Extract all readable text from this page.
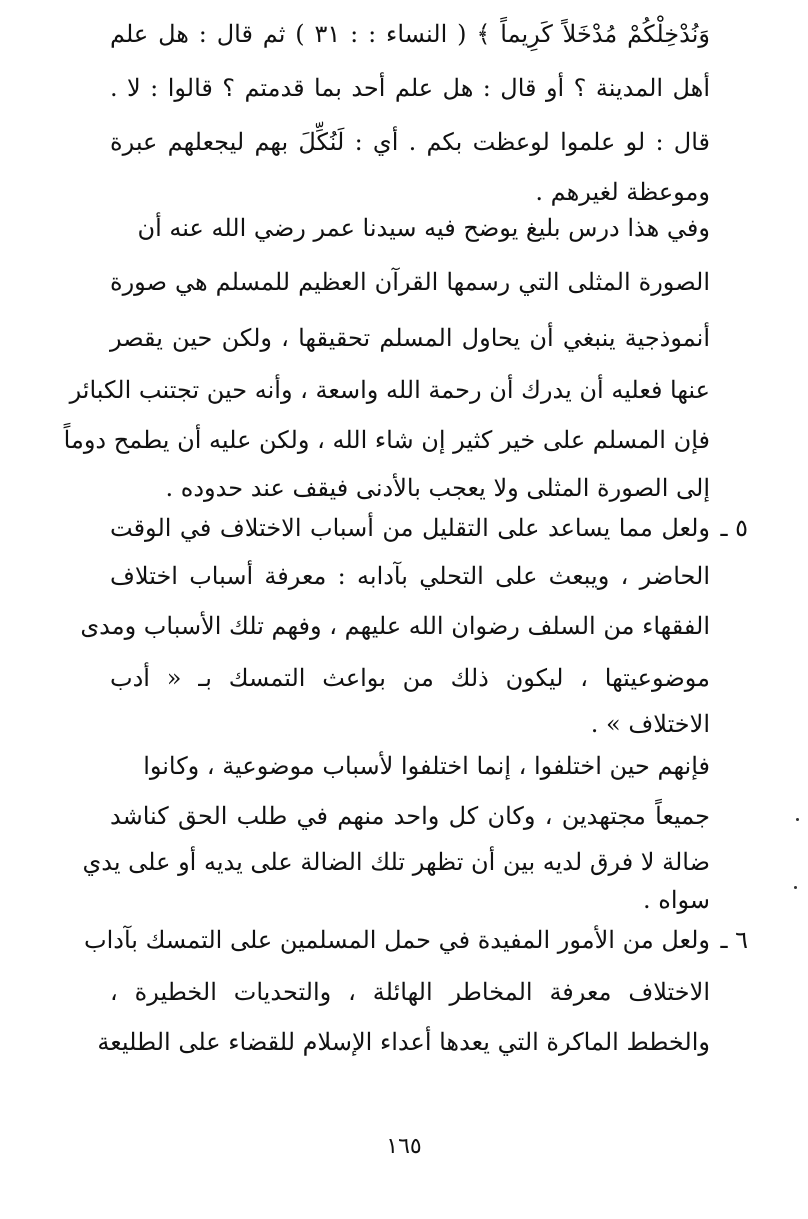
وَنُدْخِلْكُمْ مُدْخَلاً كَرِيماً ﴾ ( النساء : : ٣١ ) ثم قال : هل علم
أهل المدينة ؟ أو قال : هل علم أحد بما قدمتم ؟ قالوا : لا .
قال : لو علموا لوعظت بكم . أي : لَنُكِّلَ بهم ليجعلهم عبرة
وموعظة لغيرهم .
وفي هذا درس بليغ يوضح فيه سيدنا عمر رضي الله عنه أن
الصورة المثلى التي رسمها القرآن العظيم للمسلم هي صورة
أنموذجية ينبغي أن يحاول المسلم تحقيقها ، ولكن حين يقصر
عنها فعليه أن يدرك أن رحمة الله واسعة ، وأنه حين تجتنب الكبائر
فإن المسلم على خير كثير إن شاء الله ، ولكن عليه أن يطمح دوماً
إلى الصورة المثلى ولا يعجب بالأدنى فيقف عند حدوده .
٥ ـ
ولعل مما يساعد على التقليل من أسباب الاختلاف في الوقت
الحاضر ، ويبعث على التحلي بآدابه : معرفة أسباب اختلاف
الفقهاء من السلف رضوان الله عليهم ، وفهم تلك الأسباب ومدى
موضوعيتها ، ليكون ذلك من بواعث التمسك بـ « أدب
الاختلاف » .
فإنهم حين اختلفوا ، إنما اختلفوا لأسباب موضوعية ، وكانوا
جميعاً مجتهدين ، وكان كل واحد منهم في طلب الحق كناشد
ضالة لا فرق لديه بين أن تظهر تلك الضالة على يديه أو على يدي
سواه .
٦ ـ
ولعل من الأمور المفيدة في حمل المسلمين على التمسك بآداب
الاختلاف معرفة المخاطر الهائلة ، والتحديات الخطيرة ،
والخطط الماكرة التي يعدها أعداء الإسلام للقضاء على الطليعة
١٦٥
